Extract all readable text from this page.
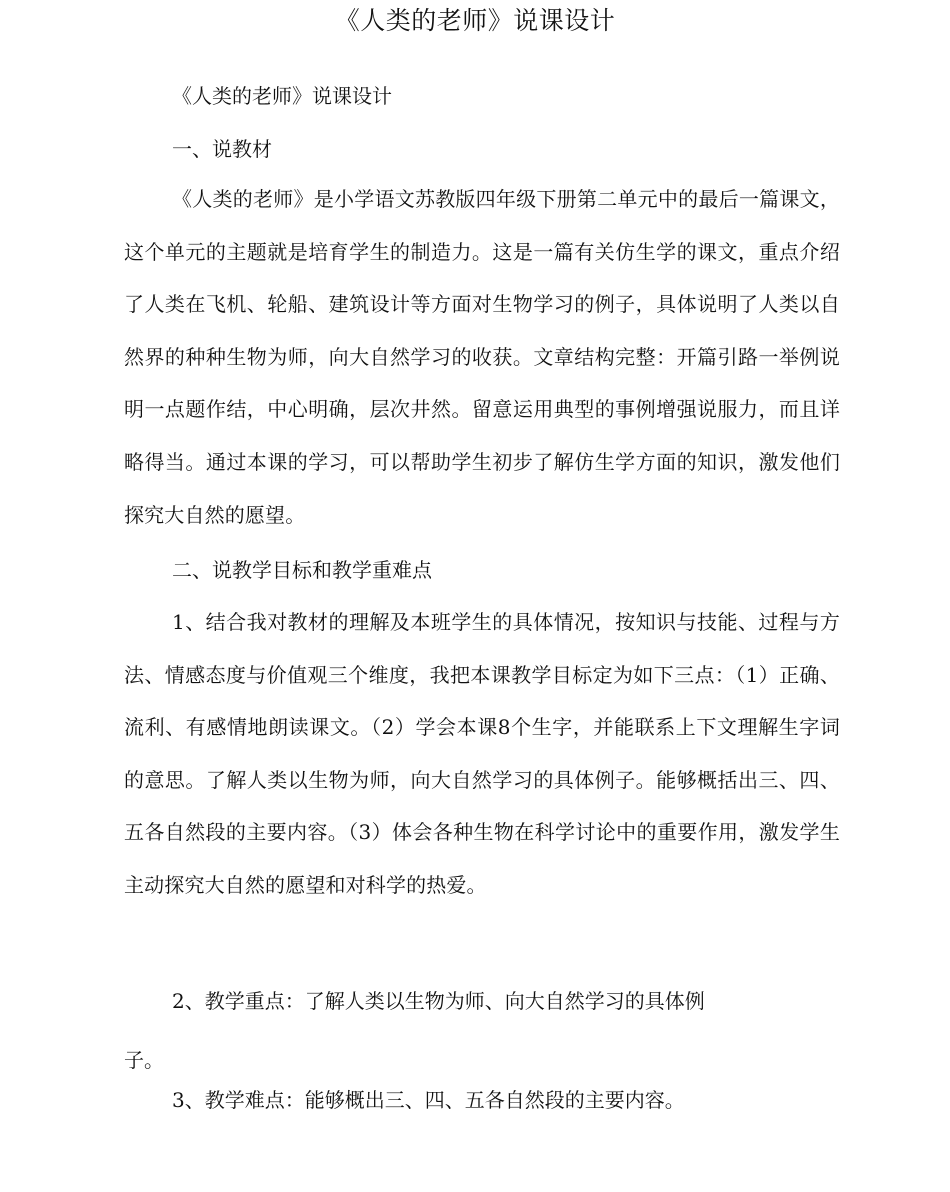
《人类的老师》说课设计
《人类的老师》说课设计
一、说教材
《人类的老师》是小学语文苏教版四年级下册第二单元中的最后一篇课文，这个单元的主题就是培育学生的制造力。这是一篇有关仿生学的课文，重点介绍了人类在飞机、轮船、建筑设计等方面对生物学习的例子，具体说明了人类以自然界的种种生物为师，向大自然学习的收获。文章结构完整：开篇引路一举例说明一点题作结，中心明确，层次井然。留意运用典型的事例增强说服力，而且详略得当。通过本课的学习，可以帮助学生初步了解仿生学方面的知识，激发他们探究大自然的愿望。
二、说教学目标和教学重难点
1、结合我对教材的理解及本班学生的具体情况，按知识与技能、过程与方法、情感态度与价值观三个维度，我把本课教学目标定为如下三点：（1）正确、流利、有感情地朗读课文。（2）学会本课8个生字，并能联系上下文理解生字词的意思。了解人类以生物为师，向大自然学习的具体例子。能够概括出三、四、五各自然段的主要内容。（3）体会各种生物在科学讨论中的重要作用，激发学生主动探究大自然的愿望和对科学的热爱。
2、教学重点：了解人类以生物为师、向大自然学习的具体例
子。
3、教学难点：能够概出三、四、五各自然段的主要内容。
